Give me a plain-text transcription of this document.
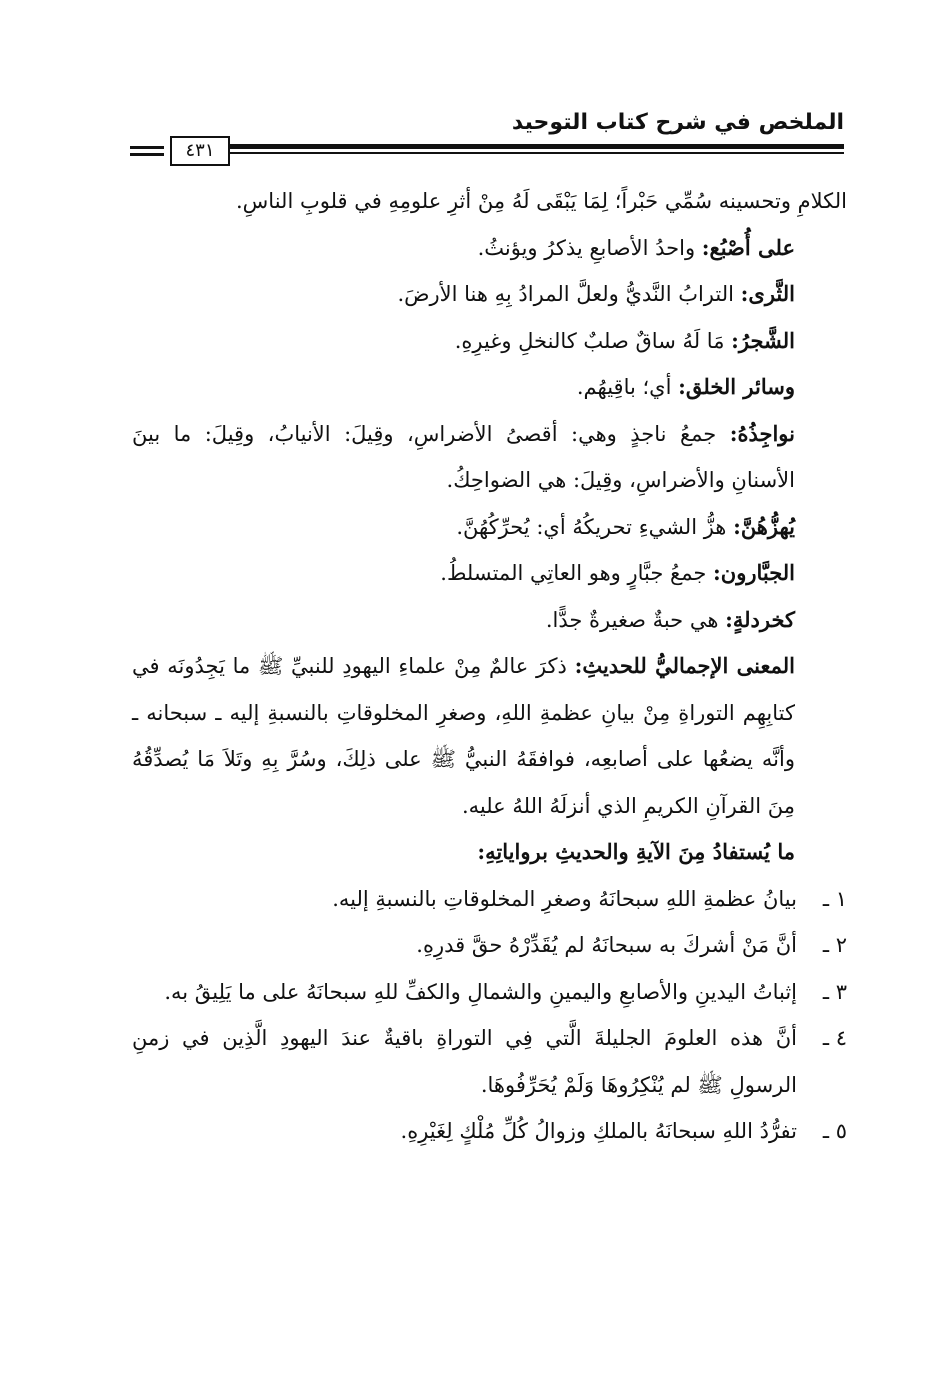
الملخص في شرح كتاب التوحيد
٤٣١

الكلامِ وتحسينه سُمِّي حَبْراً؛ لِمَا يَبْقَى لَهُ مِنْ أثرِ علومِهِ في قلوبِ الناسِ.

على أُصْبُع: واحدُ الأصابعِ يذكرُ ويؤنثُ.

الثَّرى: الترابُ النَّديُّ ولعلَّ المرادُ بِهِ هنا الأرضَ.

الشَّجرُ: مَا لَهُ ساقٌ صلبٌ كالنخلِ وغيرِهِ.

وسائر الخلق: أي؛ باقِيهُم.

نواجِذُهُ: جمعُ ناجذٍ وهي: أقصىُ الأضراسِ، وقِيلَ: الأنيابُ، وقِيلَ: ما بينَ الأسنانِ والأضراسِ، وقِيلَ: هي الضواحِكُ.

يُهزُّهُنَّ: هزُّ الشيءِ تحريكُهُ أي: يُحرِّكُهُنَّ.

الجبَّارون: جمعُ جبَّارٍ وهو العاتِي المتسلطُ.

كخردلةٍ: هي حبةٌ صغيرةٌ جدًّا.

المعنى الإجماليُّ للحديثِ: ذكرَ عالمٌ مِنْ علماءِ اليهودِ للنبيِّ ﷺ ما يَجِدُونَه في كتابِهِم التوراةِ مِنْ بيانِ عظمةِ اللهِ، وصغرِ المخلوقاتِ بالنسبةِ إليه ـ سبحانه ـ وأنَّه يضعُها على أصابعِه، فوافقَهُ النبيُّ ﷺ على ذلِكَ، وسُرَّ بِهِ وتَلاَ مَا يُصدِّقُهُ مِنَ القرآنِ الكريمِ الذي أنزلَهُ اللهُ عليه.

ما يُستفادُ مِنَ الآيةِ والحديثِ برواياتِهِ:

١ ـبيانُ عظمةِ اللهِ سبحانَهُ وصغرِ المخلوقاتِ بالنسبةِ إليه.

٢ ـأنَّ مَنْ أشركَ به سبحانَهُ لم يُقَدِّرْهُ حقَّ قدرِهِ.

٣ ـإثباتُ اليدينِ والأصابعِ واليمينِ والشمالِ والكفِّ للهِ سبحانَهُ على ما يَلِيقُ به.

٤ ـأنَّ هذه العلومَ الجليلةَ الَّتي فِي التوراةِ باقيةٌ عندَ اليهودِ الَّذِين في زمنِ الرسولِ ﷺ لم يُنْكِرُوهَا وَلَمْ يُحَرِّفُوهَا.

٥ ـتفرُّدُ اللهِ سبحانَهُ بالملكِ وزوالُ كُلِّ مُلْكٍ لِغَيْرِهِ.
